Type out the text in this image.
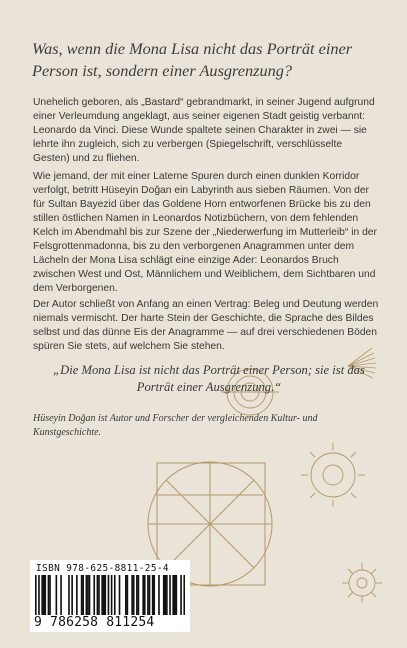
Was, wenn die Mona Lisa nicht das Porträt einer Person ist, sondern einer Ausgrenzung?

Unehelich geboren, als „Bastard“ gebrandmarkt, in seiner Jugend aufgrund einer Verleumdung angeklagt, aus seiner eigenen Stadt geistig verbannt: Leonardo da Vinci. Diese Wunde spaltete seinen Charakter in zwei — sie lehrte ihn zugleich, sich zu verbergen (Spiegelschrift, verschlüsselte Gesten) und zu fliehen.

Wie jemand, der mit einer Laterne Spuren durch einen dunklen Korridor verfolgt, betritt Hüseyin Doğan ein Labyrinth aus sieben Räumen. Von der für Sultan Bayezid über das Goldene Horn entworfenen Brücke bis zu den stillen östlichen Namen in Leonardos Notizbüchern, von dem fehlenden Kelch im Abendmahl bis zur Szene der „Niederwerfung im Mutterleib“ in der Felsgrottenmadonna, bis zu den verborgenen Anagrammen unter dem Lächeln der Mona Lisa schlägt eine einzige Ader: Leonardos Bruch zwischen West und Ost, Männlichem und Weiblichem, dem Sichtbaren und dem Verborgenen.

Der Autor schließt von Anfang an einen Vertrag: Beleg und Deutung werden niemals vermischt. Der harte Stein der Geschichte, die Sprache des Bildes selbst und das dünne Eis der Anagramme — auf drei verschiedenen Böden spüren Sie stets, auf welchem Sie stehen.

„Die Mona Lisa ist nicht das Porträt einer Person; sie ist das Porträt einer Ausgrenzung.“
Hüseyin Doğan ist Autor und Forscher der vergleichenden Kultur- und Kunstgeschichte.
ISBN 978-625-8811-25-4
9 786258 811254
